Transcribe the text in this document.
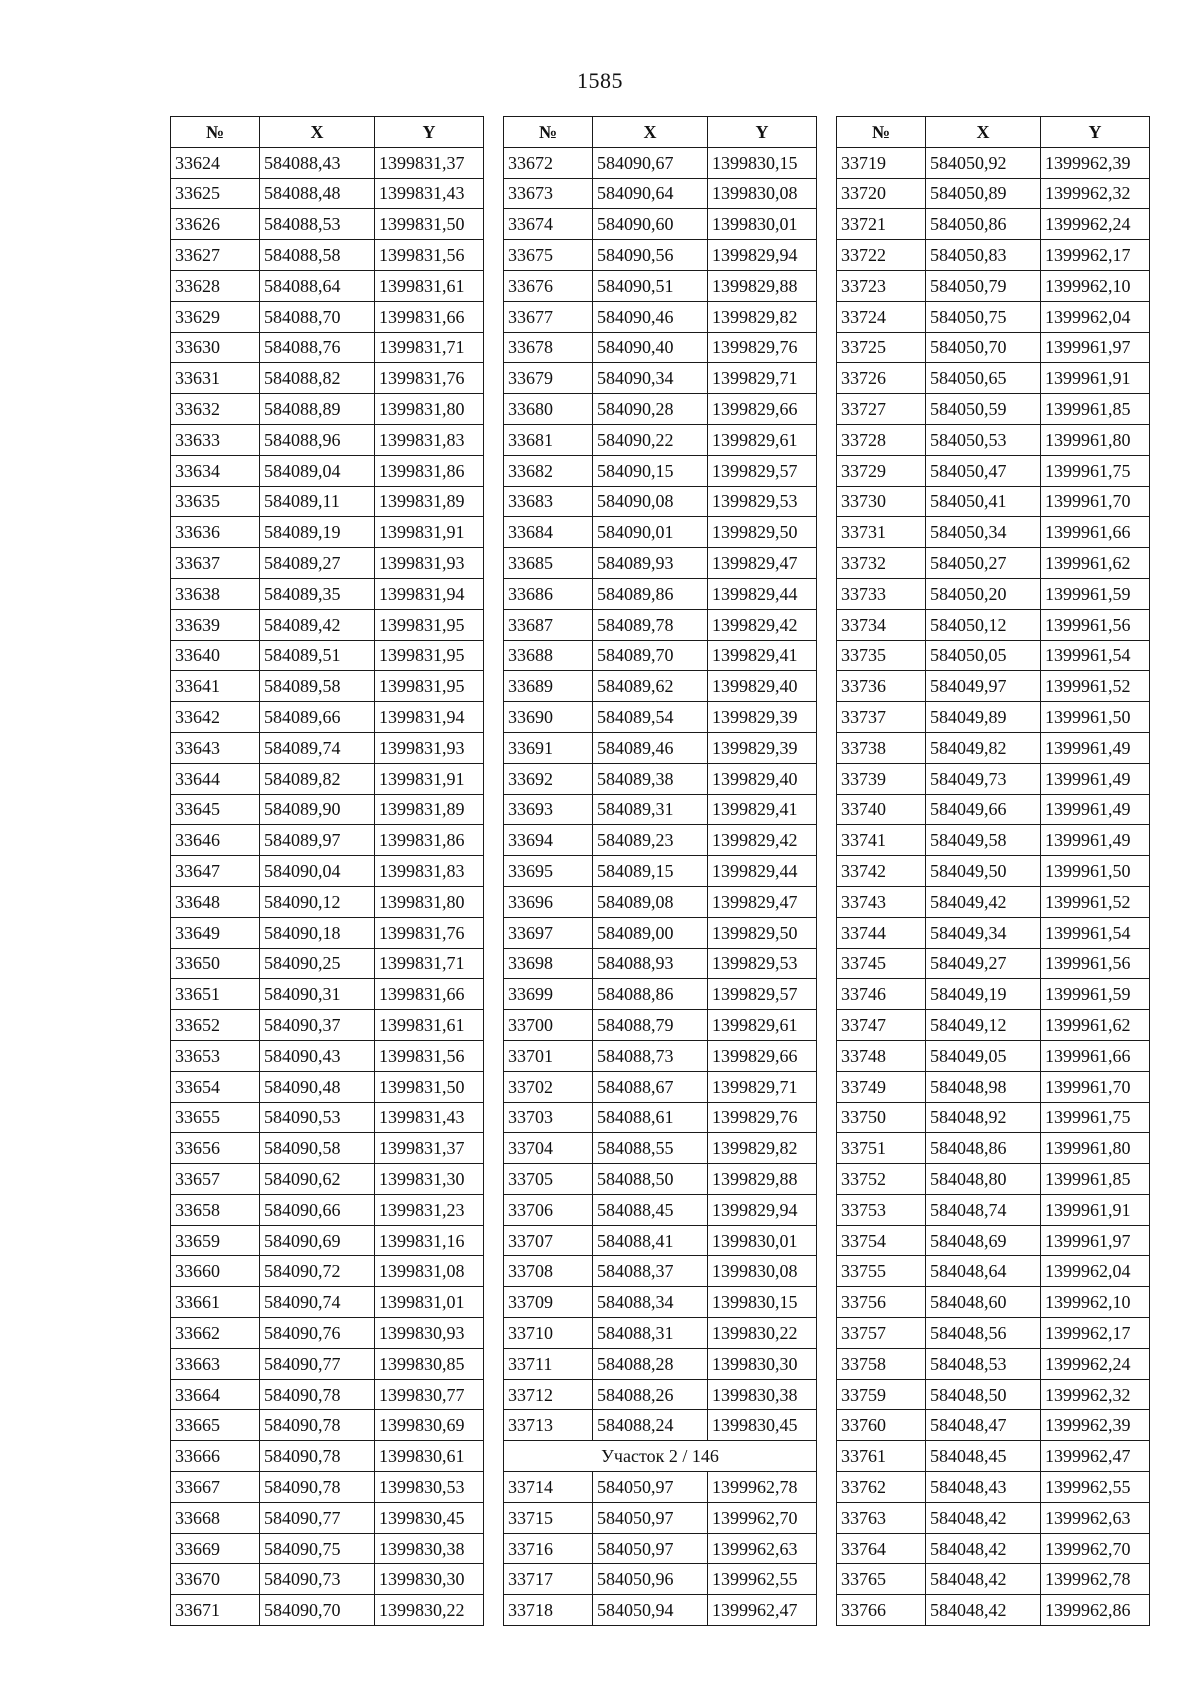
1585
№	X	Y
33624	584088,43	1399831,37
33625	584088,48	1399831,43
33626	584088,53	1399831,50
33627	584088,58	1399831,56
33628	584088,64	1399831,61
33629	584088,70	1399831,66
33630	584088,76	1399831,71
33631	584088,82	1399831,76
33632	584088,89	1399831,80
33633	584088,96	1399831,83
33634	584089,04	1399831,86
33635	584089,11	1399831,89
33636	584089,19	1399831,91
33637	584089,27	1399831,93
33638	584089,35	1399831,94
33639	584089,42	1399831,95
33640	584089,51	1399831,95
33641	584089,58	1399831,95
33642	584089,66	1399831,94
33643	584089,74	1399831,93
33644	584089,82	1399831,91
33645	584089,90	1399831,89
33646	584089,97	1399831,86
33647	584090,04	1399831,83
33648	584090,12	1399831,80
33649	584090,18	1399831,76
33650	584090,25	1399831,71
33651	584090,31	1399831,66
33652	584090,37	1399831,61
33653	584090,43	1399831,56
33654	584090,48	1399831,50
33655	584090,53	1399831,43
33656	584090,58	1399831,37
33657	584090,62	1399831,30
33658	584090,66	1399831,23
33659	584090,69	1399831,16
33660	584090,72	1399831,08
33661	584090,74	1399831,01
33662	584090,76	1399830,93
33663	584090,77	1399830,85
33664	584090,78	1399830,77
33665	584090,78	1399830,69
33666	584090,78	1399830,61
33667	584090,78	1399830,53
33668	584090,77	1399830,45
33669	584090,75	1399830,38
33670	584090,73	1399830,30
33671	584090,70	1399830,22
№	X	Y
33672	584090,67	1399830,15
33673	584090,64	1399830,08
33674	584090,60	1399830,01
33675	584090,56	1399829,94
33676	584090,51	1399829,88
33677	584090,46	1399829,82
33678	584090,40	1399829,76
33679	584090,34	1399829,71
33680	584090,28	1399829,66
33681	584090,22	1399829,61
33682	584090,15	1399829,57
33683	584090,08	1399829,53
33684	584090,01	1399829,50
33685	584089,93	1399829,47
33686	584089,86	1399829,44
33687	584089,78	1399829,42
33688	584089,70	1399829,41
33689	584089,62	1399829,40
33690	584089,54	1399829,39
33691	584089,46	1399829,39
33692	584089,38	1399829,40
33693	584089,31	1399829,41
33694	584089,23	1399829,42
33695	584089,15	1399829,44
33696	584089,08	1399829,47
33697	584089,00	1399829,50
33698	584088,93	1399829,53
33699	584088,86	1399829,57
33700	584088,79	1399829,61
33701	584088,73	1399829,66
33702	584088,67	1399829,71
33703	584088,61	1399829,76
33704	584088,55	1399829,82
33705	584088,50	1399829,88
33706	584088,45	1399829,94
33707	584088,41	1399830,01
33708	584088,37	1399830,08
33709	584088,34	1399830,15
33710	584088,31	1399830,22
33711	584088,28	1399830,30
33712	584088,26	1399830,38
33713	584088,24	1399830,45
Участок 2 / 146		
33714	584050,97	1399962,78
33715	584050,97	1399962,70
33716	584050,97	1399962,63
33717	584050,96	1399962,55
33718	584050,94	1399962,47
№	X	Y
33719	584050,92	1399962,39
33720	584050,89	1399962,32
33721	584050,86	1399962,24
33722	584050,83	1399962,17
33723	584050,79	1399962,10
33724	584050,75	1399962,04
33725	584050,70	1399961,97
33726	584050,65	1399961,91
33727	584050,59	1399961,85
33728	584050,53	1399961,80
33729	584050,47	1399961,75
33730	584050,41	1399961,70
33731	584050,34	1399961,66
33732	584050,27	1399961,62
33733	584050,20	1399961,59
33734	584050,12	1399961,56
33735	584050,05	1399961,54
33736	584049,97	1399961,52
33737	584049,89	1399961,50
33738	584049,82	1399961,49
33739	584049,73	1399961,49
33740	584049,66	1399961,49
33741	584049,58	1399961,49
33742	584049,50	1399961,50
33743	584049,42	1399961,52
33744	584049,34	1399961,54
33745	584049,27	1399961,56
33746	584049,19	1399961,59
33747	584049,12	1399961,62
33748	584049,05	1399961,66
33749	584048,98	1399961,70
33750	584048,92	1399961,75
33751	584048,86	1399961,80
33752	584048,80	1399961,85
33753	584048,74	1399961,91
33754	584048,69	1399961,97
33755	584048,64	1399962,04
33756	584048,60	1399962,10
33757	584048,56	1399962,17
33758	584048,53	1399962,24
33759	584048,50	1399962,32
33760	584048,47	1399962,39
33761	584048,45	1399962,47
33762	584048,43	1399962,55
33763	584048,42	1399962,63
33764	584048,42	1399962,70
33765	584048,42	1399962,78
33766	584048,42	1399962,86
